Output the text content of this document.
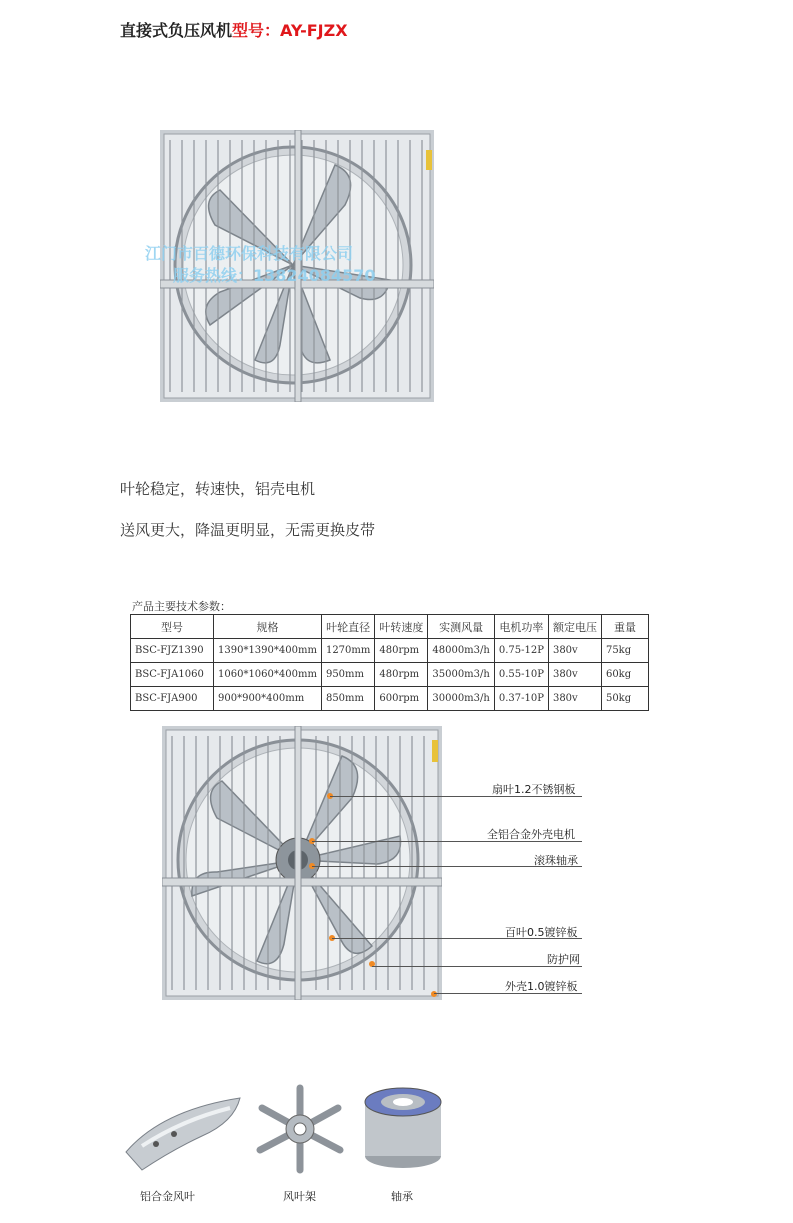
直接式负压风机型号：AY-FJZX
江门市百德环保科技有限公司
服务热线：13824084570
叶轮稳定，转速快，铝壳电机
送风更大，降温更明显，无需更换皮带
产品主要技术参数：
型号	规格	叶轮直径	叶转速度	实测风量	电机功率	额定电压	重量
BSC-FJZ1390	1390*1390*400mm	1270mm	480rpm	48000m3/h	0.75-12P	380v	75kg
BSC-FJA1060	1060*1060*400mm	950mm	480rpm	35000m3/h	0.55-10P	380v	60kg
BSC-FJA900	900*900*400mm	850mm	600rpm	30000m3/h	0.37-10P	380v	50kg
扇叶1.2不锈钢板
全铝合金外壳电机
滚珠轴承
百叶0.5镀锌板
防护网
外壳1.0镀锌板
铝合金风叶	风叶架	轴承
